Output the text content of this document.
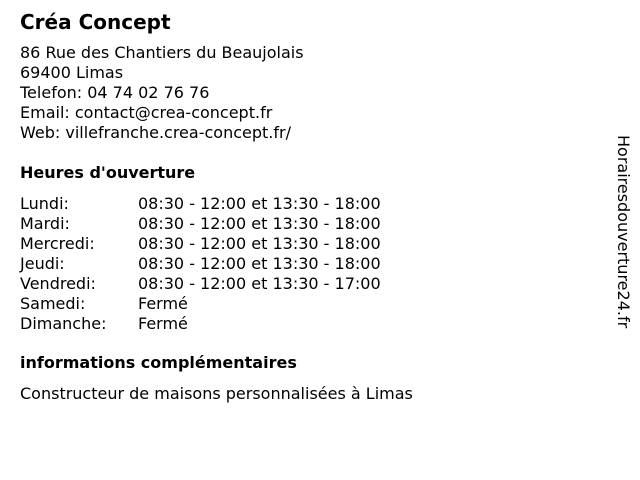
Créa Concept
86 Rue des Chantiers du Beaujolais
69400 Limas
Telefon: 04 74 02 76 76
Email: contact@crea-concept.fr
Web: villefranche.crea-concept.fr/
Heures d'ouverture
Lundi:	08:30 - 12:00 et 13:30 - 18:00
Mardi:	08:30 - 12:00 et 13:30 - 18:00
Mercredi:	08:30 - 12:00 et 13:30 - 18:00
Jeudi:	08:30 - 12:00 et 13:30 - 18:00
Vendredi:	08:30 - 12:00 et 13:30 - 17:00
Samedi:	Fermé
Dimanche:	Fermé
informations complémentaires
Constructeur de maisons personnalisées à Limas
Horairesdouverture24.fr
